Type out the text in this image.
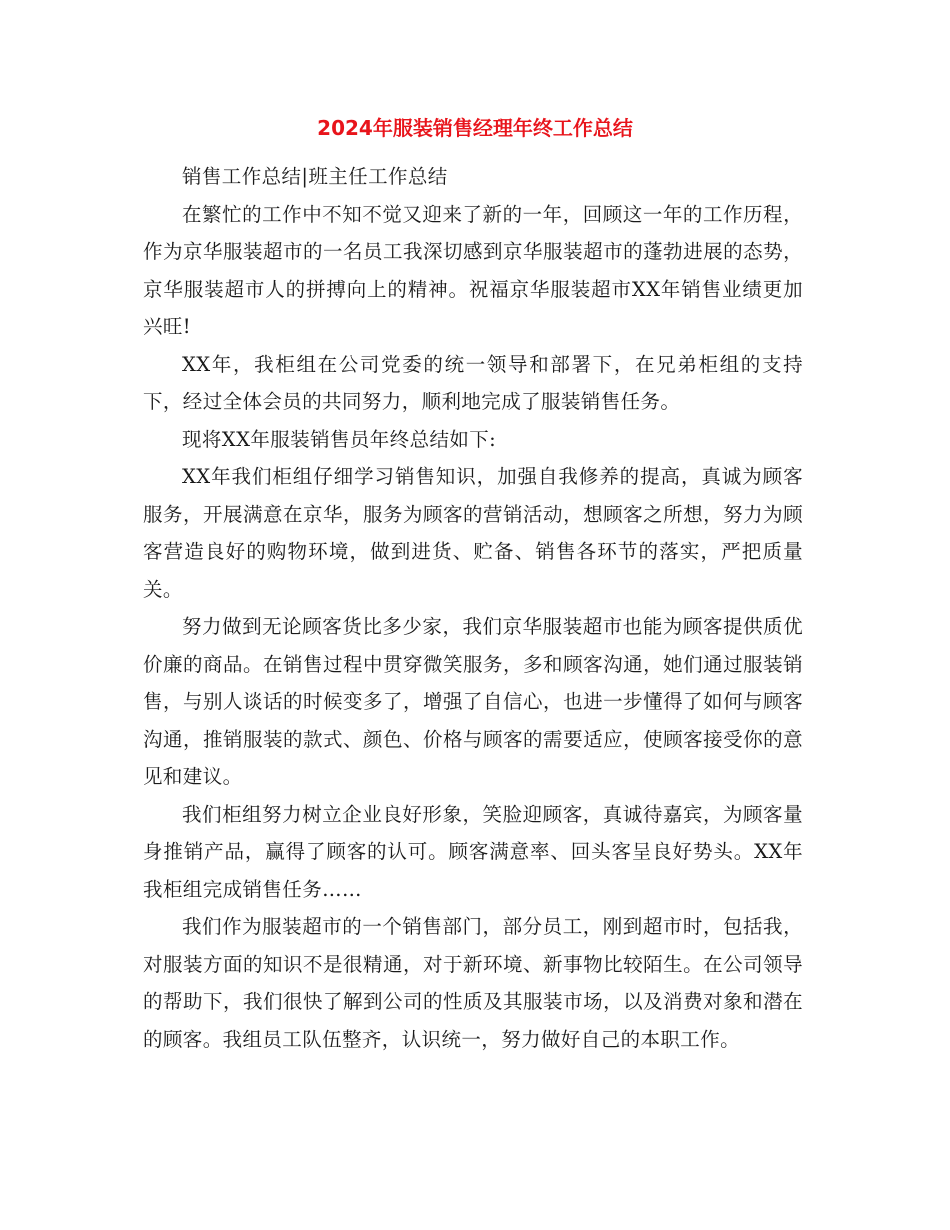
2024年服装销售经理年终工作总结

销售工作总结|班主任工作总结

在繁忙的工作中不知不觉又迎来了新的一年，回顾这一年的工作历程，作为京华服装超市的一名员工我深切感到京华服装超市的蓬勃进展的态势，京华服装超市人的拼搏向上的精神。祝福京华服装超市XX年销售业绩更加兴旺!

XX年，我柜组在公司党委的统一领导和部署下，在兄弟柜组的支持下，经过全体会员的共同努力，顺利地完成了服装销售任务。

现将XX年服装销售员年终总结如下:

XX年我们柜组仔细学习销售知识，加强自我修养的提高，真诚为顾客服务，开展满意在京华，服务为顾客的营销活动，想顾客之所想，努力为顾客营造良好的购物环境，做到进货、贮备、销售各环节的落实，严把质量关。

努力做到无论顾客货比多少家，我们京华服装超市也能为顾客提供质优价廉的商品。在销售过程中贯穿微笑服务，多和顾客沟通，她们通过服装销售，与别人谈话的时候变多了，增强了自信心，也进一步懂得了如何与顾客沟通，推销服装的款式、颜色、价格与顾客的需要适应，使顾客接受你的意见和建议。

我们柜组努力树立企业良好形象，笑脸迎顾客，真诚待嘉宾，为顾客量身推销产品，赢得了顾客的认可。顾客满意率、回头客呈良好势头。XX年我柜组完成销售任务……

我们作为服装超市的一个销售部门，部分员工，刚到超市时，包括我，对服装方面的知识不是很精通，对于新环境、新事物比较陌生。在公司领导的帮助下，我们很快了解到公司的性质及其服装市场，以及消费对象和潜在的顾客。我组员工队伍整齐，认识统一，努力做好自己的本职工作。
